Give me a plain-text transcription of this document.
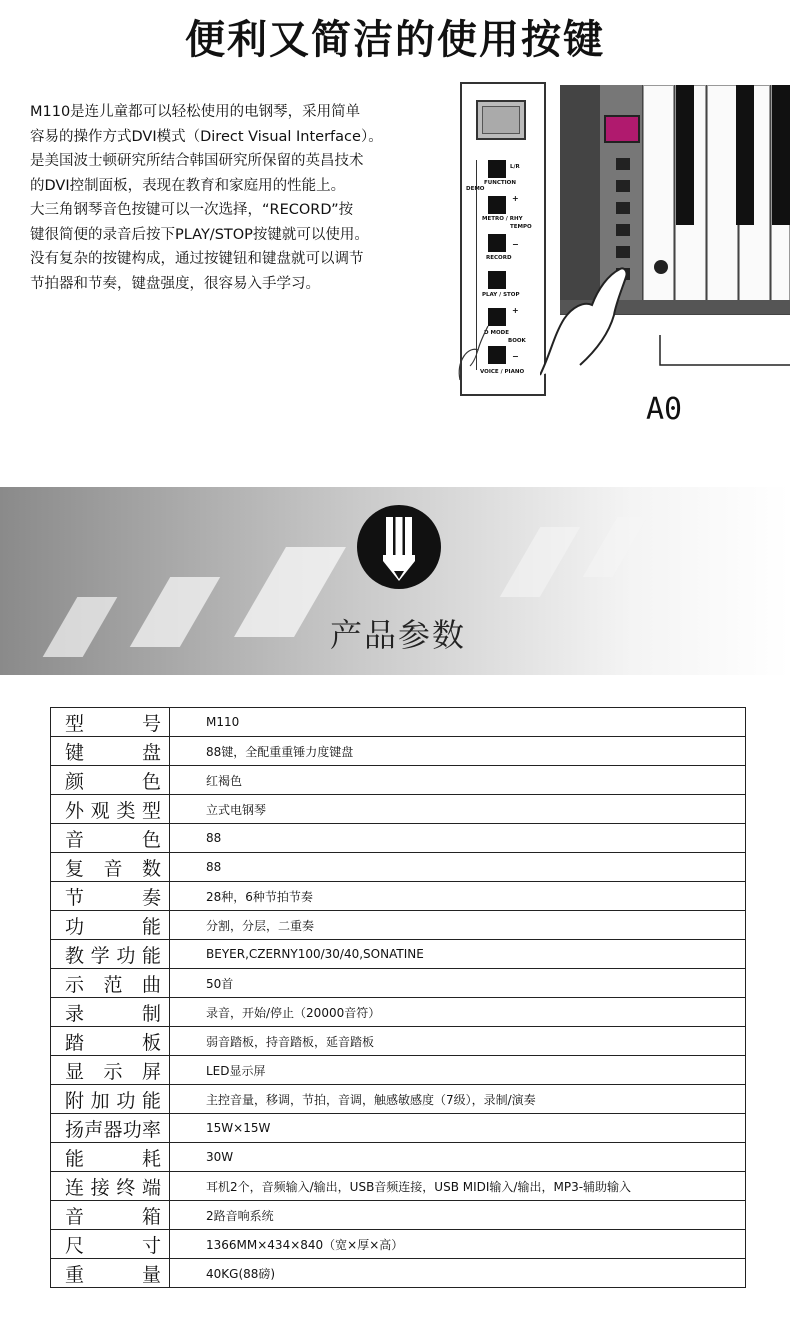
便利又简洁的使用按键

M110是连儿童都可以轻松使用的电钢琴，采用简单

容易的操作方式DVI模式（Direct Visual Interface）。

是美国波士顿研究所结合韩国研究所保留的英昌技术

的DVI控制面板，表现在教育和家庭用的性能上。

大三角钢琴音色按键可以一次选择，“RECORD”按

键很简便的录音后按下PLAY/STOP按键就可以使用。

没有复杂的按键构成，通过按键钮和键盘就可以调节

节拍器和节奏，键盘强度，很容易入手学习。

L/R
FUNCTION
DEMO
+
METRO / RHY
TEMPO
−
RECORD
PLAY / STOP
+
D MODE
BOOK
−
VOICE / PIANO
A0
产品参数
型号	M110
键盘	88键，全配重重锤力度键盘
颜色	红褐色
外观类型	立式电钢琴
音色	88
复音数	88
节奏	28种，6种节拍节奏
功能	分割，分层，二重奏
教学功能	BEYER,CZERNY100/30/40,SONATINE
示范曲	50首
录制	录音，开始/停止（20000音符）
踏板	弱音踏板，持音踏板，延音踏板
显示屏	LED显示屏
附加功能	主控音量，移调，节拍，音调，触感敏感度（7级），录制/演奏
扬声器功率	15W×15W
能耗	30W
连接终端	耳机2个，音频输入/输出，USB音频连接，USB MIDI输入/输出，MP3-辅助输入
音箱	2路音响系统
尺寸	1366MM×434×840（宽×厚×高）
重量	40KG(88磅)
